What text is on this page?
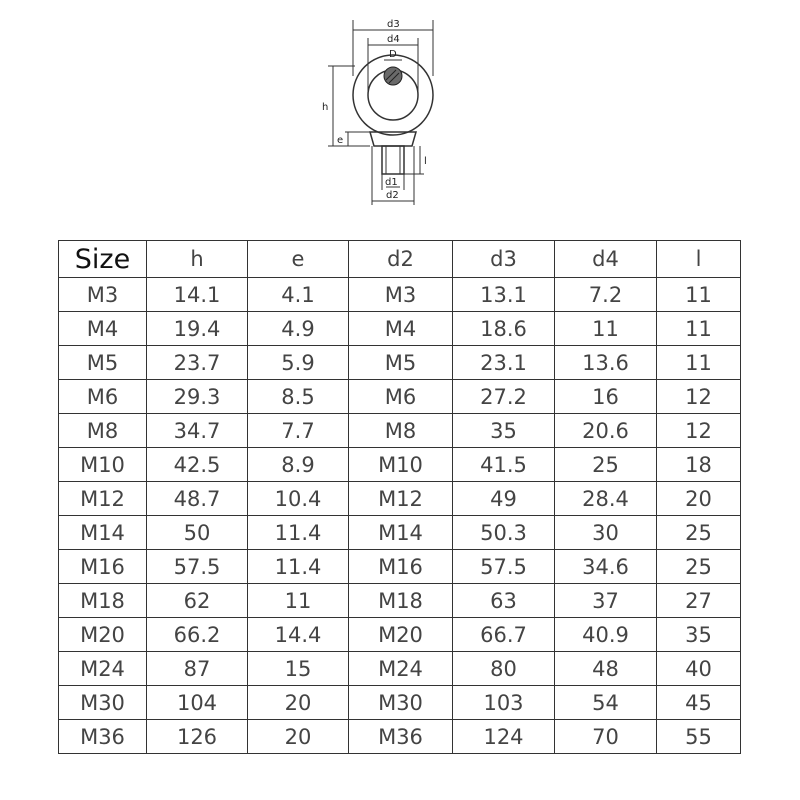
d3
d4
D
h
e
l
d1
d2
Size	h	e	d2	d3	d4	l
M3	14.1	4.1	M3	13.1	7.2	11
M4	19.4	4.9	M4	18.6	11	11
M5	23.7	5.9	M5	23.1	13.6	11
M6	29.3	8.5	M6	27.2	16	12
M8	34.7	7.7	M8	35	20.6	12
M10	42.5	8.9	M10	41.5	25	18
M12	48.7	10.4	M12	49	28.4	20
M14	50	11.4	M14	50.3	30	25
M16	57.5	11.4	M16	57.5	34.6	25
M18	62	11	M18	63	37	27
M20	66.2	14.4	M20	66.7	40.9	35
M24	87	15	M24	80	48	40
M30	104	20	M30	103	54	45
M36	126	20	M36	124	70	55
